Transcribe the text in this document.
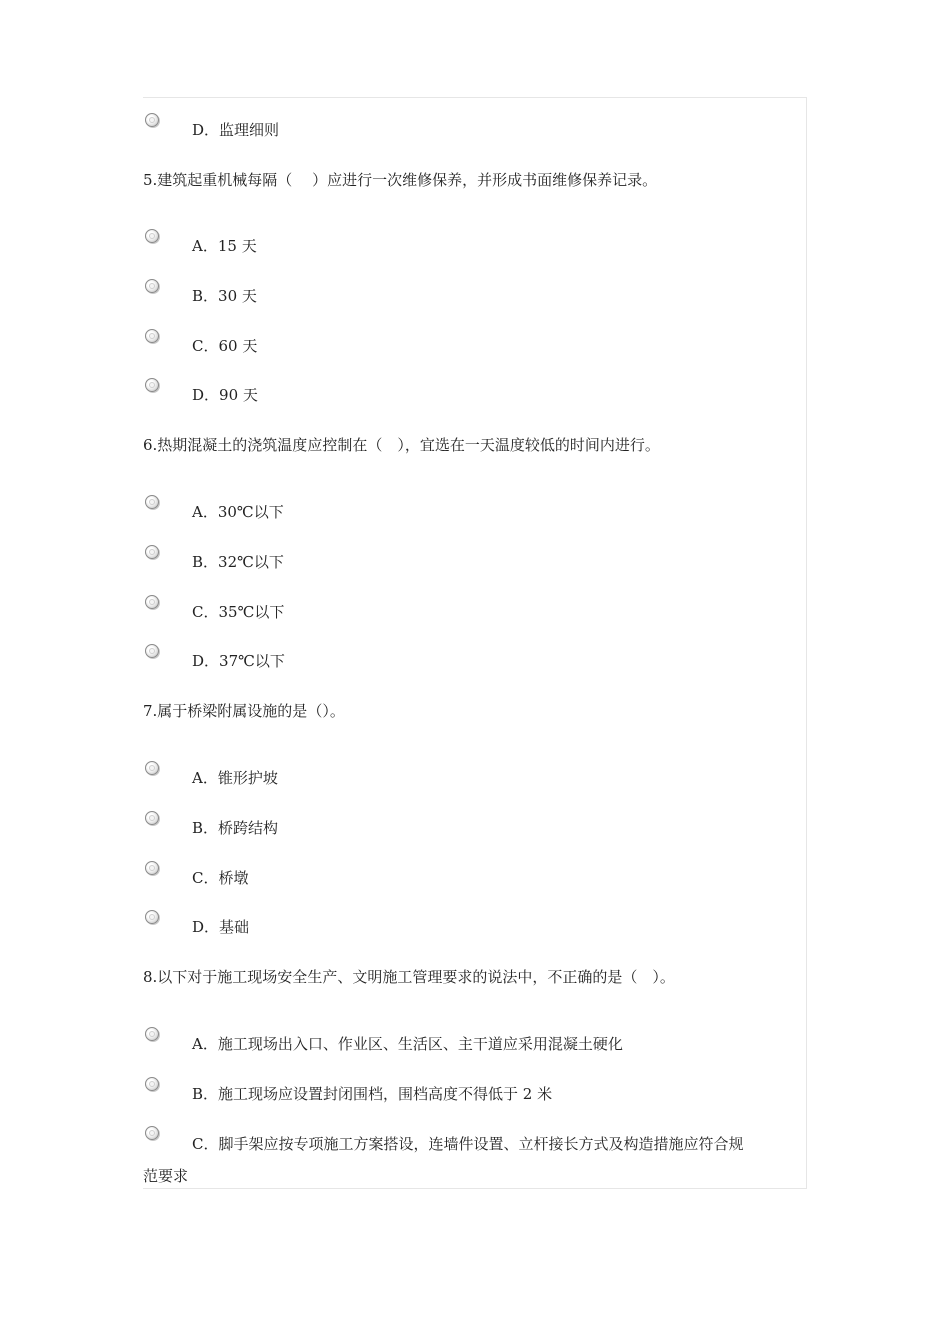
D．监理细则
5.建筑起重机械每隔（　 ）应进行一次维修保养，并形成书面维修保养记录。
A．15 天
B．30 天
C．60 天
D．90 天
6.热期混凝土的浇筑温度应控制在（　），宜选在一天温度较低的时间内进行。
A．30℃以下
B．32℃以下
C．35℃以下
D．37℃以下
7.属于桥梁附属设施的是（）。
A．锥形护坡
B．桥跨结构
C．桥墩
D．基础
8.以下对于施工现场安全生产、文明施工管理要求的说法中，不正确的是（　）。
A．施工现场出入口、作业区、生活区、主干道应采用混凝土硬化
B．施工现场应设置封闭围档，围档高度不得低于 2 米
C．脚手架应按专项施工方案搭设，连墙件设置、立杆接长方式及构造措施应符合规
范要求
